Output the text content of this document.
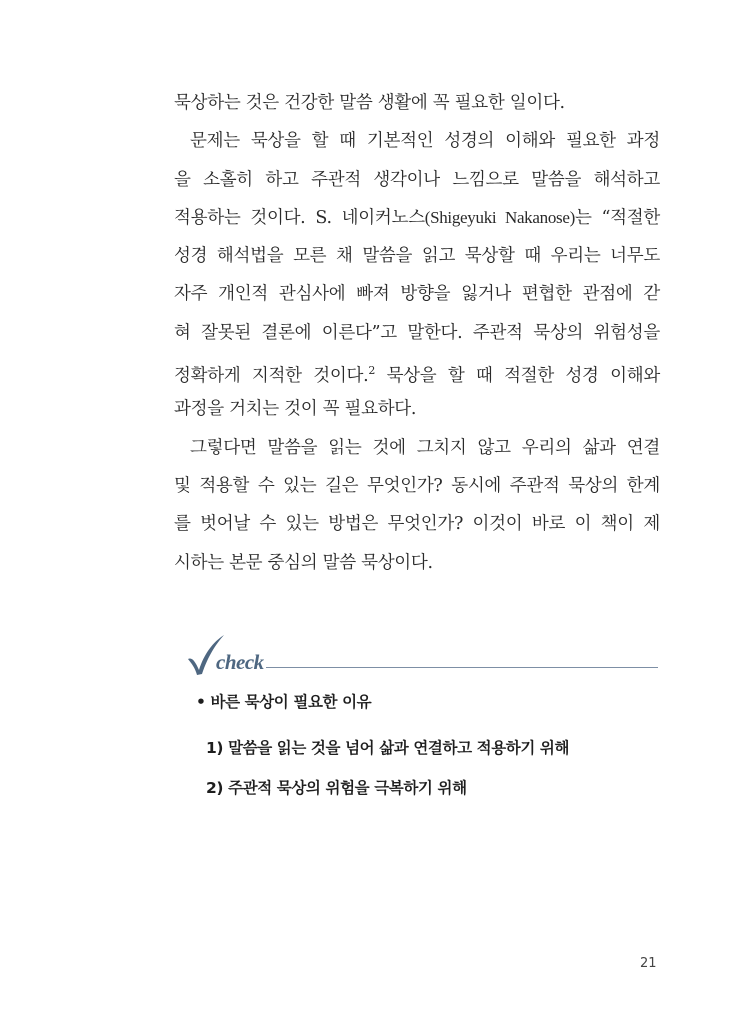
묵상하는 것은 건강한 말씀 생활에 꼭 필요한 일이다.
문제는 묵상을 할 때 기본적인 성경의 이해와 필요한 과정
을 소홀히 하고 주관적 생각이나 느낌으로 말씀을 해석하고
적용하는 것이다. S. 네이커노스(Shigeyuki Nakanose)는 “적절한
성경 해석법을 모른 채 말씀을 읽고 묵상할 때 우리는 너무도
자주 개인적 관심사에 빠져 방향을 잃거나 편협한 관점에 갇
혀 잘못된 결론에 이른다”고 말한다. 주관적 묵상의 위험성을
정확하게 지적한 것이다.$^2$ 묵상을 할 때 적절한 성경 이해와
과정을 거치는 것이 꼭 필요하다.
그렇다면 말씀을 읽는 것에 그치지 않고 우리의 삶과 연결
및 적용할 수 있는 길은 무엇인가? 동시에 주관적 묵상의 한계
를 벗어날 수 있는 방법은 무엇인가? 이것이 바로 이 책이 제
시하는 본문 중심의 말씀 묵상이다.
check
• 바른 묵상이 필요한 이유
1) 말씀을 읽는 것을 넘어 삶과 연결하고 적용하기 위해
2) 주관적 묵상의 위험을 극복하기 위해
21
